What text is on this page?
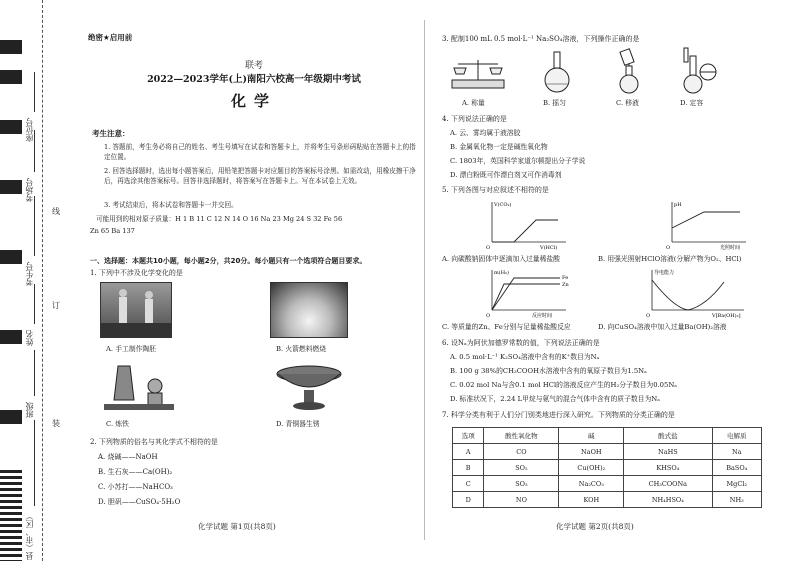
座位号
考场号
考生号
姓名
班级
县（市、区）
线
订
装
绝密★启用前
联考
2022—2023学年(上)南阳六校高一年级期中考试
化学
考生注意：
1. 答题前，考生务必将自己的姓名、考生号填写在试卷和答题卡上，并将考生号条形码粘贴在答题卡上的指定位置。
2. 回答选择题时，选出每小题答案后，用铅笔把答题卡对应题目的答案标号涂黑。如需改动，用橡皮擦干净后，再选涂其他答案标号。回答非选择题时，将答案写在答题卡上。写在本试卷上无效。
3. 考试结束后，将本试卷和答题卡一并交回。
可能用到的相对原子质量：H 1 B 11 C 12 N 14 O 16 Na 23 Mg 24 S 32 Fe 56
Zn 65 Ba 137
一、选择题：本题共10小题，每小题2分，共20分。每小题只有一个选项符合题目要求。
1. 下列中不涉及化学变化的是
A. 手工制作陶胚	B. 火箭燃料燃烧
C. 炼铁	D. 青铜器生锈
2. 下列物质的俗名与其化学式不相符的是
A. 烧碱——NaOH
B. 生石灰——Ca(OH)₂
C. 小苏打——NaHCO₃
D. 胆矾——CuSO₄·5H₂O
化学试题 第1页(共8页)
3. 配制100 mL 0.5 mol·L⁻¹ Na₂SO₄溶液，下列操作正确的是
A. 称量	B. 摇匀	C. 移液	D. 定容
4. 下列说法正确的是
A. 云、雾均属于液溶胶
B. 金属氧化物一定是碱性氧化物
C. 1803年，英国科学家道尔顿提出分子学说
D. 漂白粉既可作漂白剂又可作消毒剂
5. 下列各图与对应叙述不相符的是
V(CO₂)
V(HCl)
O
A. 向碳酸钠固体中逐滴加入过量稀盐酸
pH
光照时间
O
B. 用强光照射HClO溶液(分解产物为O₂、HCl)
m(H₂)
Zn
Fe
反应时间
O
C. 等质量的Zn、Fe分别与足量稀盐酸反应
导电能力
V[Ba(OH)₂]
O
D. 向CuSO₄溶液中加入过量Ba(OH)₂溶液
6. 设Nₐ为阿伏加德罗常数的值，下列说法正确的是
A. 0.5 mol·L⁻¹ K₂SO₄溶液中含有的K⁺数目为Nₐ
B. 100 g 38%的CH₃COOH水溶液中含有的氧原子数目为1.5Nₐ
C. 0.02 mol Na与含0.1 mol HCl的溶液反应产生的H₂分子数目为0.05Nₐ
D. 标准状况下，2.24 L甲烷与氨气的混合气体中含有的质子数目为Nₐ
7. 科学分类有利于人们分门别类地进行深入研究。下列物质的分类正确的是
选项	酸性氧化物	碱	酸式盐	电解质
A	CO	NaOH	NaHS	Na
B	SO₂	Cu(OH)₂	KHSO₄	BaSO₄
C	SO₃	Na₂CO₃	CH₃COONa	MgCl₂
D	NO	KOH	NH₄HSO₄	NH₃
化学试题 第2页(共8页)
